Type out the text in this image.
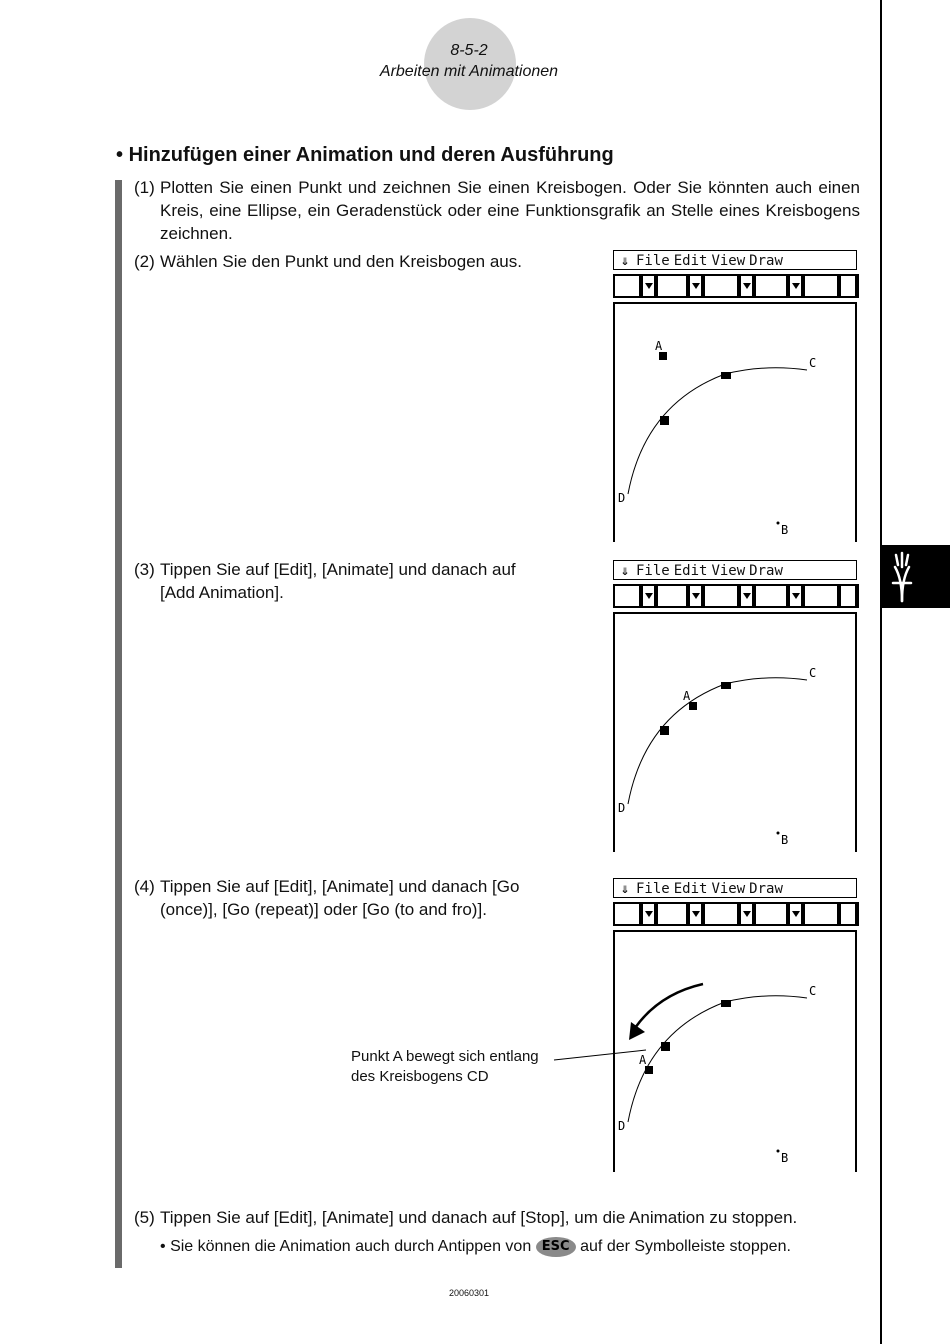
8-5-2
Arbeiten mit Animationen
• Hinzufügen einer Animation und deren Ausführung
(1) Plotten Sie einen Punkt und zeichnen Sie einen Kreisbogen. Oder Sie könnten auch einen Kreis, eine Ellipse, ein Geradenstück oder eine Funktionsgrafik an Stelle eines Kreisbogens zeichnen.
(2) Wählen Sie den Punkt und den Kreisbogen aus.
(3) Tippen Sie auf [Edit], [Animate] und danach auf [Add Animation].
(4) Tippen Sie auf [Edit], [Animate] und danach [Go (once)], [Go (repeat)] oder [Go (to and fro)].
(5) Tippen Sie auf [Edit], [Animate] und danach auf [Stop], um die Animation zu stoppen.
• Sie können die Animation auch durch Antippen von ESC auf der Symbolleiste stoppen.
⇓ File Edit View Draw
A
C
D
B
⇓ File Edit View Draw
A
C
D
B
⇓ File Edit View Draw
A
C
D
B
Punkt A bewegt sich entlang
des Kreisbogens CD
20060301
